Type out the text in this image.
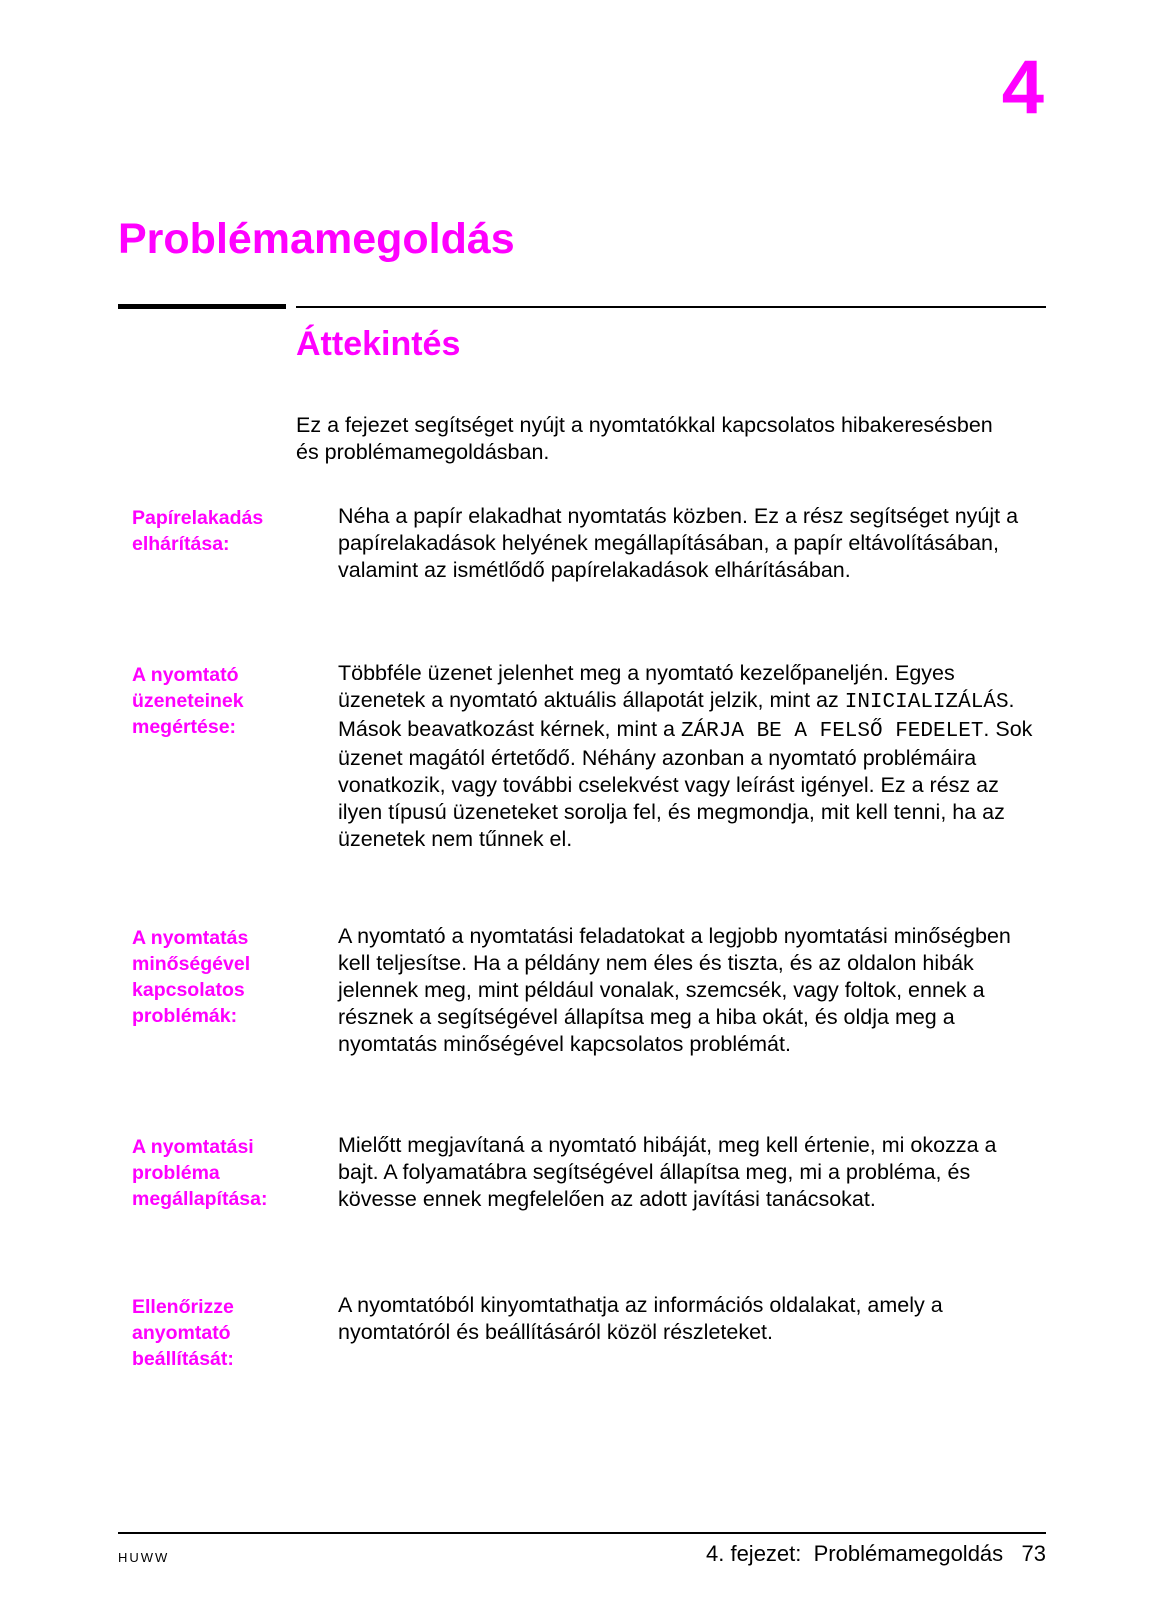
4
Problémamegoldás
Áttekintés
Ez a fejezet segítséget nyújt a nyomtatókkal kapcsolatos hibakeresésben és problémamegoldásban.
Papírelakadás elhárítása:
Néha a papír elakadhat nyomtatás közben. Ez a rész segítséget nyújt a papírelakadások helyének megállapításában, a papír eltávolításában, valamint az ismétlődő papírelakadások elhárításában.
A nyomtató üzeneteinek megértése:
Többféle üzenet jelenhet meg a nyomtató kezelőpaneljén. Egyes üzenetek a nyomtató aktuális állapotát jelzik, mint az INICIALIZÁLÁS. Mások beavatkozást kérnek, mint a ZÁRJA BE A FELSŐ FEDELET. Sok üzenet magától értetődő. Néhány azonban a nyomtató problémáira vonatkozik, vagy további cselekvést vagy leírást igényel. Ez a rész az ilyen típusú üzeneteket sorolja fel, és megmondja, mit kell tenni, ha az üzenetek nem tűnnek el.
A nyomtatás minőségével kapcsolatos problémák:
A nyomtató a nyomtatási feladatokat a legjobb nyomtatási minőségben kell teljesítse. Ha a példány nem éles és tiszta, és az oldalon hibák jelennek meg, mint például vonalak, szemcsék, vagy foltok, ennek a résznek a segítségével állapítsa meg a hiba okát, és oldja meg a nyomtatás minőségével kapcsolatos problémát.
A nyomtatási probléma megállapítása:
Mielőtt megjavítaná a nyomtató hibáját, meg kell értenie, mi okozza a bajt. A folyamatábra segítségével állapítsa meg, mi a probléma, és kövesse ennek megfelelően az adott javítási tanácsokat.
Ellenőrizze anyomtató beállítását:
A nyomtatóból kinyomtathatja az információs oldalakat, amely a nyomtatóról és beállításáról közöl részleteket.
HUWW	4. fejezet:  Problémamegoldás 73
